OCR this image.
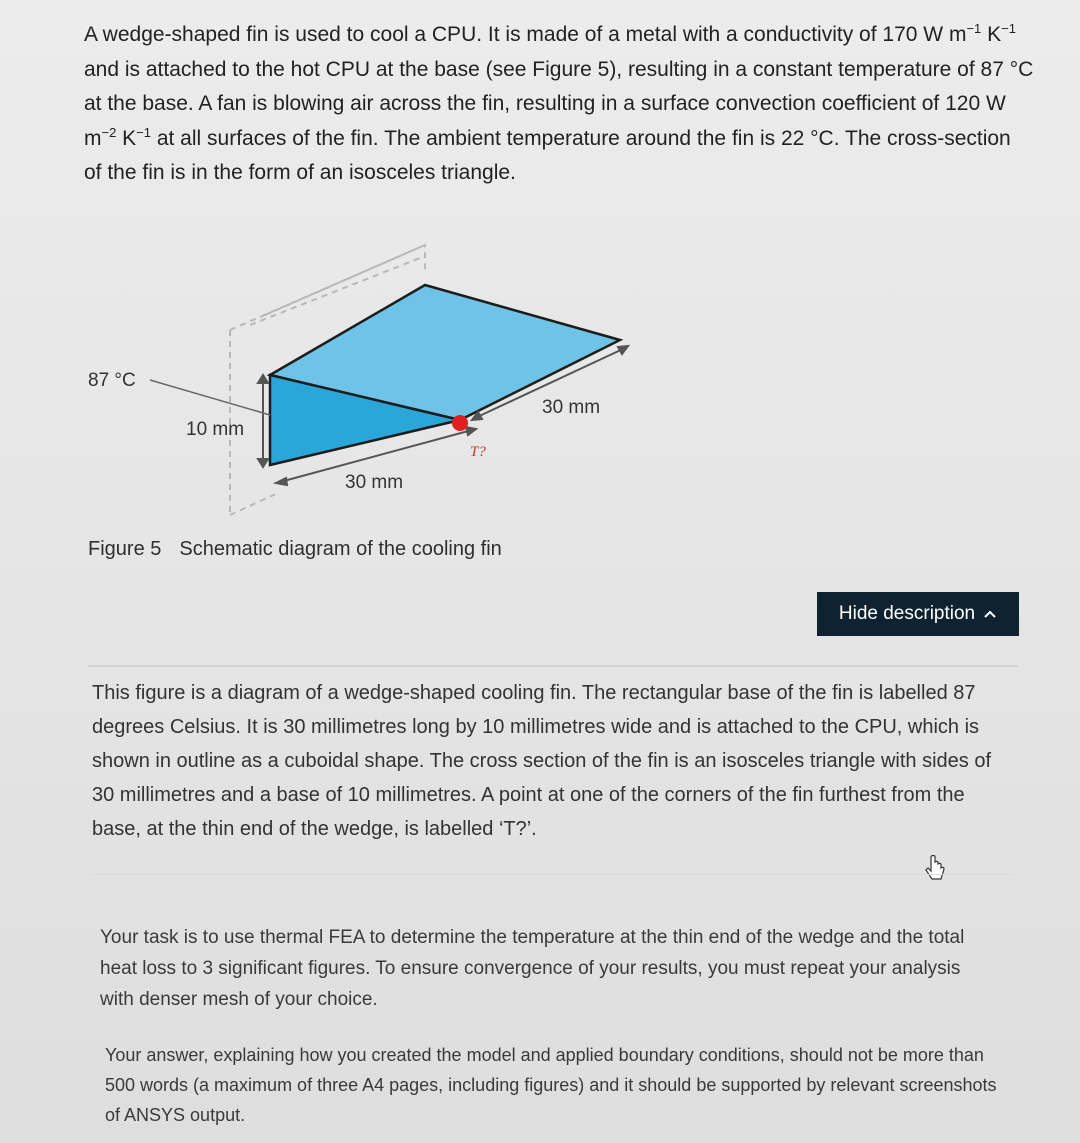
A wedge-shaped fin is used to cool a CPU. It is made of a metal with a conductivity of 170 W $m^{-1}$ $K^{-1}$ and is attached to the hot CPU at the base (see Figure 5), resulting in a constant temperature of 87 °C at the base. A fan is blowing air across the fin, resulting in a surface convection coefficient of 120 W $m^{-2}$ $K^{-1}$ at all surfaces of the fin. The ambient temperature around the fin is 22 °C. The cross-section of the fin is in the form of an isosceles triangle.

87 °C
10 mm
30 mm
30 mm
T?

Figure 5 Schematic diagram of the cooling fin

Hide description

This figure is a diagram of a wedge-shaped cooling fin. The rectangular base of the fin is labelled 87 degrees Celsius. It is 30 millimetres long by 10 millimetres wide and is attached to the CPU, which is shown in outline as a cuboidal shape. The cross section of the fin is an isosceles triangle with sides of 30 millimetres and a base of 10 millimetres. A point at one of the corners of the fin furthest from the base, at the thin end of the wedge, is labelled ‘T?’.

Your task is to use thermal FEA to determine the temperature at the thin end of the wedge and the total heat loss to 3 significant figures. To ensure convergence of your results, you must repeat your analysis with denser mesh of your choice.

Your answer, explaining how you created the model and applied boundary conditions, should not be more than 500 words (a maximum of three A4 pages, including figures) and it should be supported by relevant screenshots of ANSYS output.
